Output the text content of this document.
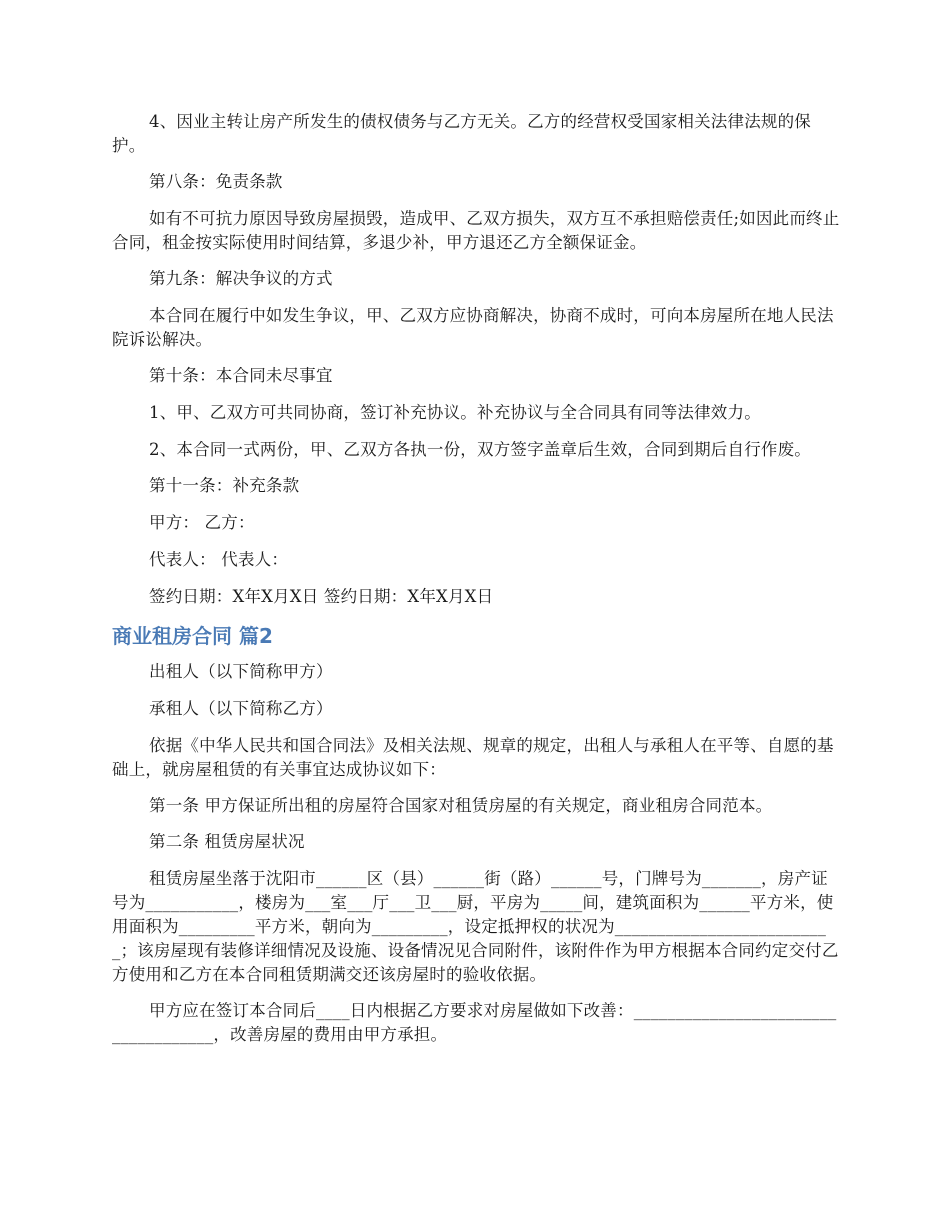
4、因业主转让房产所发生的债权债务与乙方无关。乙方的经营权受国家相关法律法规的保护。

第八条：免责条款

如有不可抗力原因导致房屋损毁，造成甲、乙双方损失，双方互不承担赔偿责任;如因此而终止合同，租金按实际使用时间结算，多退少补，甲方退还乙方全额保证金。

第九条：解决争议的方式

本合同在履行中如发生争议，甲、乙双方应协商解决，协商不成时，可向本房屋所在地人民法院诉讼解决。

第十条：本合同未尽事宜

1、甲、乙双方可共同协商，签订补充协议。补充协议与全合同具有同等法律效力。

2、本合同一式两份，甲、乙双方各执一份，双方签字盖章后生效，合同到期后自行作废。

第十一条：补充条款

甲方： 乙方：

代表人： 代表人：

签约日期：X年X月X日 签约日期：X年X月X日

商业租房合同 篇2

出租人（以下简称甲方）

承租人（以下简称乙方）

依据《中华人民共和国合同法》及相关法规、规章的规定，出租人与承租人在平等、自愿的基础上，就房屋租赁的有关事宜达成协议如下：

第一条 甲方保证所出租的房屋符合国家对租赁房屋的有关规定，商业租房合同范本。

第二条 租赁房屋状况

租赁房屋坐落于沈阳市______区（县）______街（路）______号，门牌号为_______，房产证号为___________，楼房为___室___厅___卫___厨，平房为_____间，建筑面积为______平方米，使用面积为_________平方米，朝向为_________，设定抵押权的状况为__________________________；该房屋现有装修详细情况及设施、设备情况见合同附件，该附件作为甲方根据本合同约定交付乙方使用和乙方在本合同租赁期满交还该房屋时的验收依据。

甲方应在签订本合同后____日内根据乙方要求对房屋做如下改善：____________________________________，改善房屋的费用由甲方承担。
